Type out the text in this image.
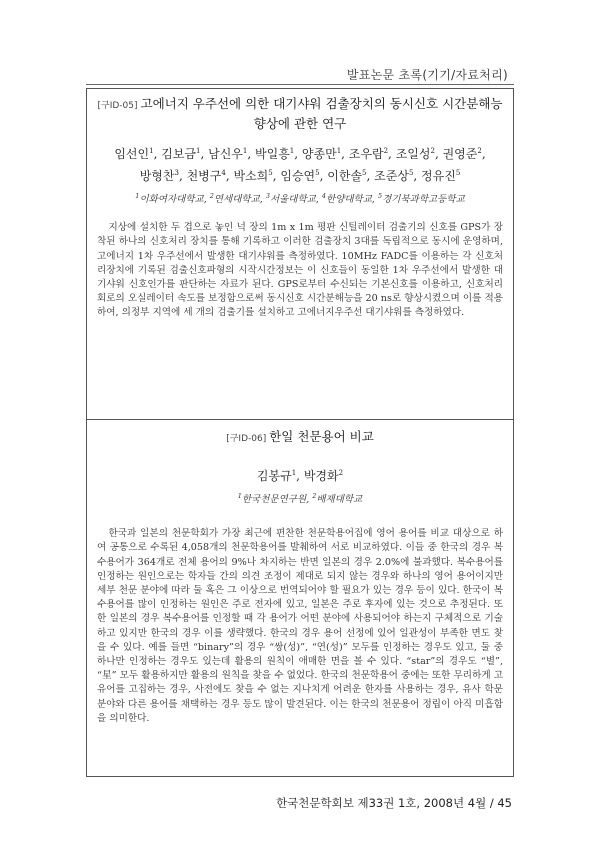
발표논문 초록(기기/자료처리)
[구ID-05] 고에너지 우주선에 의한 대기샤워 검출장치의 동시신호 시간분해능
향상에 관한 연구
임선인$^1$, 김보금$^1$, 남신우$^1$, 박일흥$^1$, 양종만$^1$, 조우람$^2$, 조일성$^2$, 권영준$^2$, 방형찬$^3$, 천병구$^4$, 박소희$^5$, 임승연$^5$, 이한솔$^5$, 조준상$^5$, 정유진$^5$
$^1$이화여자대학교, $^2$연세대학교, $^3$서울대학교, $^4$한양대학교, $^5$경기북과학고등학교

지상에 설치한 두 겹으로 놓인 넉 장의 1m x 1m 평판 신틸레이터 검출기의 신호를 GPS가 장착된 하나의 신호처리 장치를 통해 기록하고 이러한 검출장치 3대를 독립적으로 동시에 운영하며, 고에너지 1차 우주선에서 발생한 대기샤워를 측정하였다. 10MHz FADC를 이용하는 각 신호처리장치에 기록된 검출신호파형의 시작시간정보는 이 신호들이 동일한 1차 우주선에서 발생한 대기샤워 신호인가를 판단하는 자료가 된다. GPS로부터 수신되는 기본신호를 이용하고, 신호처리회로의 오실레이터 속도를 보정함으로써 동시신호 시간분해능을 20 ns로 향상시켰으며 이를 적용하여, 의정부 지역에 세 개의 검출기를 설치하고 고에너지우주선 대기샤워를 측정하였다.

[구ID-06] 한일 천문용어 비교
김봉규$^1$, 박경화$^2$
$^1$한국천문연구원, $^2$배재대학교

한국과 일본의 천문학회가 가장 최근에 편찬한 천문학용어집에 영어 용어를 비교 대상으로 하여 공통으로 수록된 4,058개의 천문학용어를 발췌하여 서로 비교하였다. 이들 중 한국의 경우 복수용어가 364개로 전체 용어의 9%나 차지하는 반면 일본의 경우 2.0%에 불과했다. 복수용어를 인정하는 원인으로는 학자들 간의 의견 조정이 제대로 되지 않는 경우와 하나의 영어 용어이지만 세부 천문 분야에 따라 둘 혹은 그 이상으로 번역되어야 할 필요가 있는 경우 등이 있다. 한국이 복수용어를 많이 인정하는 원인은 주로 전자에 있고, 일본은 주로 후자에 있는 것으로 추정된다. 또한 일본의 경우 복수용어를 인정할 때 각 용어가 어떤 분야에 사용되어야 하는지 구체적으로 기술하고 있지만 한국의 경우 이를 생략했다. 한국의 경우 용어 선정에 있어 일관성이 부족한 면도 찾을 수 있다. 예를 들면 “binary”의 경우 “쌍(성)”, “연(성)” 모두를 인정하는 경우도 있고, 둘 중 하나만 인정하는 경우도 있는데 활용의 원칙이 애매한 면을 볼 수 있다. “star”의 경우도 “별”, “星” 모두 활용하지만 활용의 원칙을 찾을 수 없었다. 한국의 천문학용어 중에는 또한 무리하게 고유어를 고집하는 경우, 사전에도 찾을 수 없는 지나치게 어려운 한자를 사용하는 경우, 유사 학문 분야와 다른 용어를 채택하는 경우 등도 많이 발견된다. 이는 한국의 천문용어 정립이 아직 미흡함을 의미한다.

한국천문학회보 제33권 1호, 2008년 4월 / 45
